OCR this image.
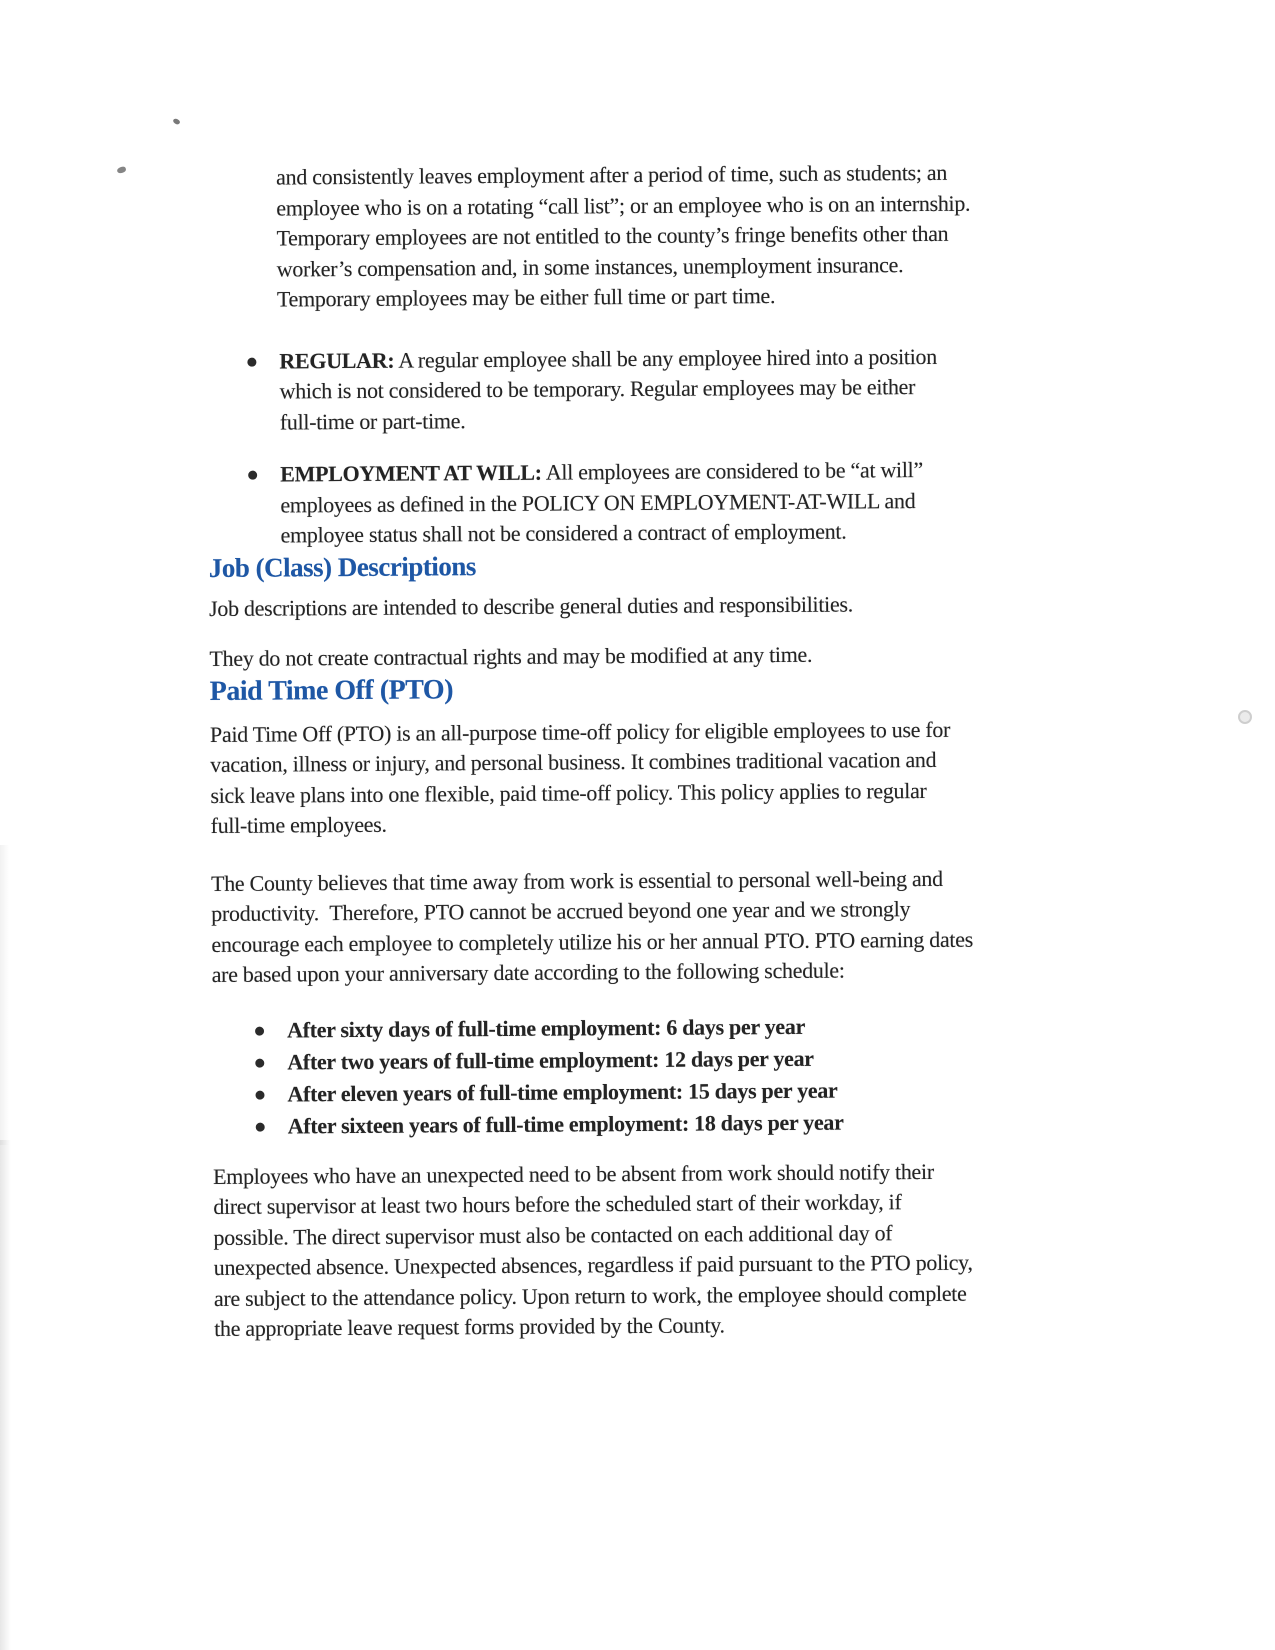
and consistently leaves employment after a period of time, such as students; an
employee who is on a rotating “call list”; or an employee who is on an internship.
Temporary employees are not entitled to the county’s fringe benefits other than
worker’s compensation and, in some instances, unemployment insurance.
Temporary employees may be either full time or part time.

REGULAR: A regular employee shall be any employee hired into a position
which is not considered to be temporary. Regular employees may be either
full-time or part-time.
EMPLOYMENT AT WILL: All employees are considered to be “at will”
employees as defined in the POLICY ON EMPLOYMENT-AT-WILL and
employee status shall not be considered a contract of employment.
Job (Class) Descriptions

Job descriptions are intended to describe general duties and responsibilities.

They do not create contractual rights and may be modified at any time.

Paid Time Off (PTO)

Paid Time Off (PTO) is an all-purpose time-off policy for eligible employees to use for
vacation, illness or injury, and personal business. It combines traditional vacation and
sick leave plans into one flexible, paid time-off policy. This policy applies to regular
full-time employees.

The County believes that time away from work is essential to personal well-being and
productivity.  Therefore, PTO cannot be accrued beyond one year and we strongly
encourage each employee to completely utilize his or her annual PTO. PTO earning dates
are based upon your anniversary date according to the following schedule:

After sixty days of full-time employment: 6 days per year
After two years of full-time employment: 12 days per year
After eleven years of full-time employment: 15 days per year
After sixteen years of full-time employment: 18 days per year

Employees who have an unexpected need to be absent from work should notify their
direct supervisor at least two hours before the scheduled start of their workday, if
possible. The direct supervisor must also be contacted on each additional day of
unexpected absence. Unexpected absences, regardless if paid pursuant to the PTO policy,
are subject to the attendance policy. Upon return to work, the employee should complete
the appropriate leave request forms provided by the County.
